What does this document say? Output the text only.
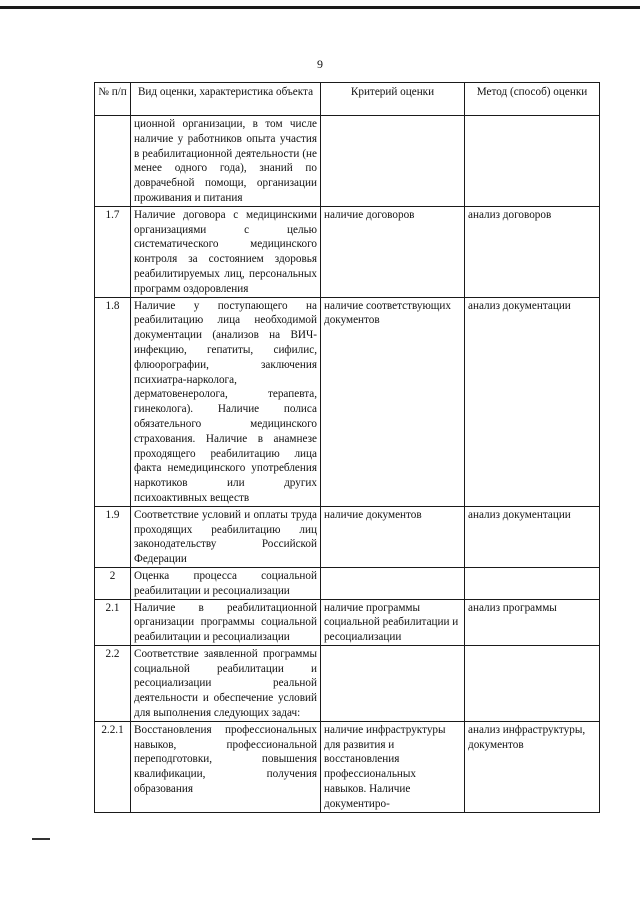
9
№ п/п	Вид оценки, характеристика объекта	Критерий оценки	Метод (способ) оценки
	ционной организации, в том числе наличие у работников опыта участия в реабилитационной деятельности (не менее одного года), знаний по доврачебной помощи, организации проживания и питания		
1.7	Наличие договора с медицинскими организациями с целью систематического медицинского контроля за состоянием здоровья реабилитируемых лиц, персональных программ оздоровления	наличие договоров	анализ договоров
1.8	Наличие у поступающего на реабилитацию лица необходимой документации (анализов на ВИЧ-инфекцию, гепатиты, сифилис, флюорографии, заключения психиатра-нарколога, дерматовенеролога, терапевта, гинеколога). Наличие полиса обязательного медицинского страхования. Наличие в анамнезе проходящего реабилитацию лица факта немедицинского употребления наркотиков или других психоактивных веществ	наличие соответствующих документов	анализ документации
1.9	Соответствие условий и оплаты труда проходящих реабилитацию лиц законодательству Российской Федерации	наличие документов	анализ документации
2	Оценка процесса социальной реабилитации и ресоциализации		
2.1	Наличие в реабилитационной организации программы социальной реабилитации и ресоциализации	наличие программы социальной реабилитации и ресоциализации	анализ программы
2.2	Соответствие заявленной программы социальной реабилитации и ресоциализации реальной деятельности и обеспечение условий для выполнения следующих задач:		
2.2.1	Восстановления профессиональных навыков, профессиональной переподготовки, повышения квалификации, получения образования	наличие инфраструктуры для развития и восстановления профессиональных навыков. Наличие документиро-	анализ инфраструктуры, документов
